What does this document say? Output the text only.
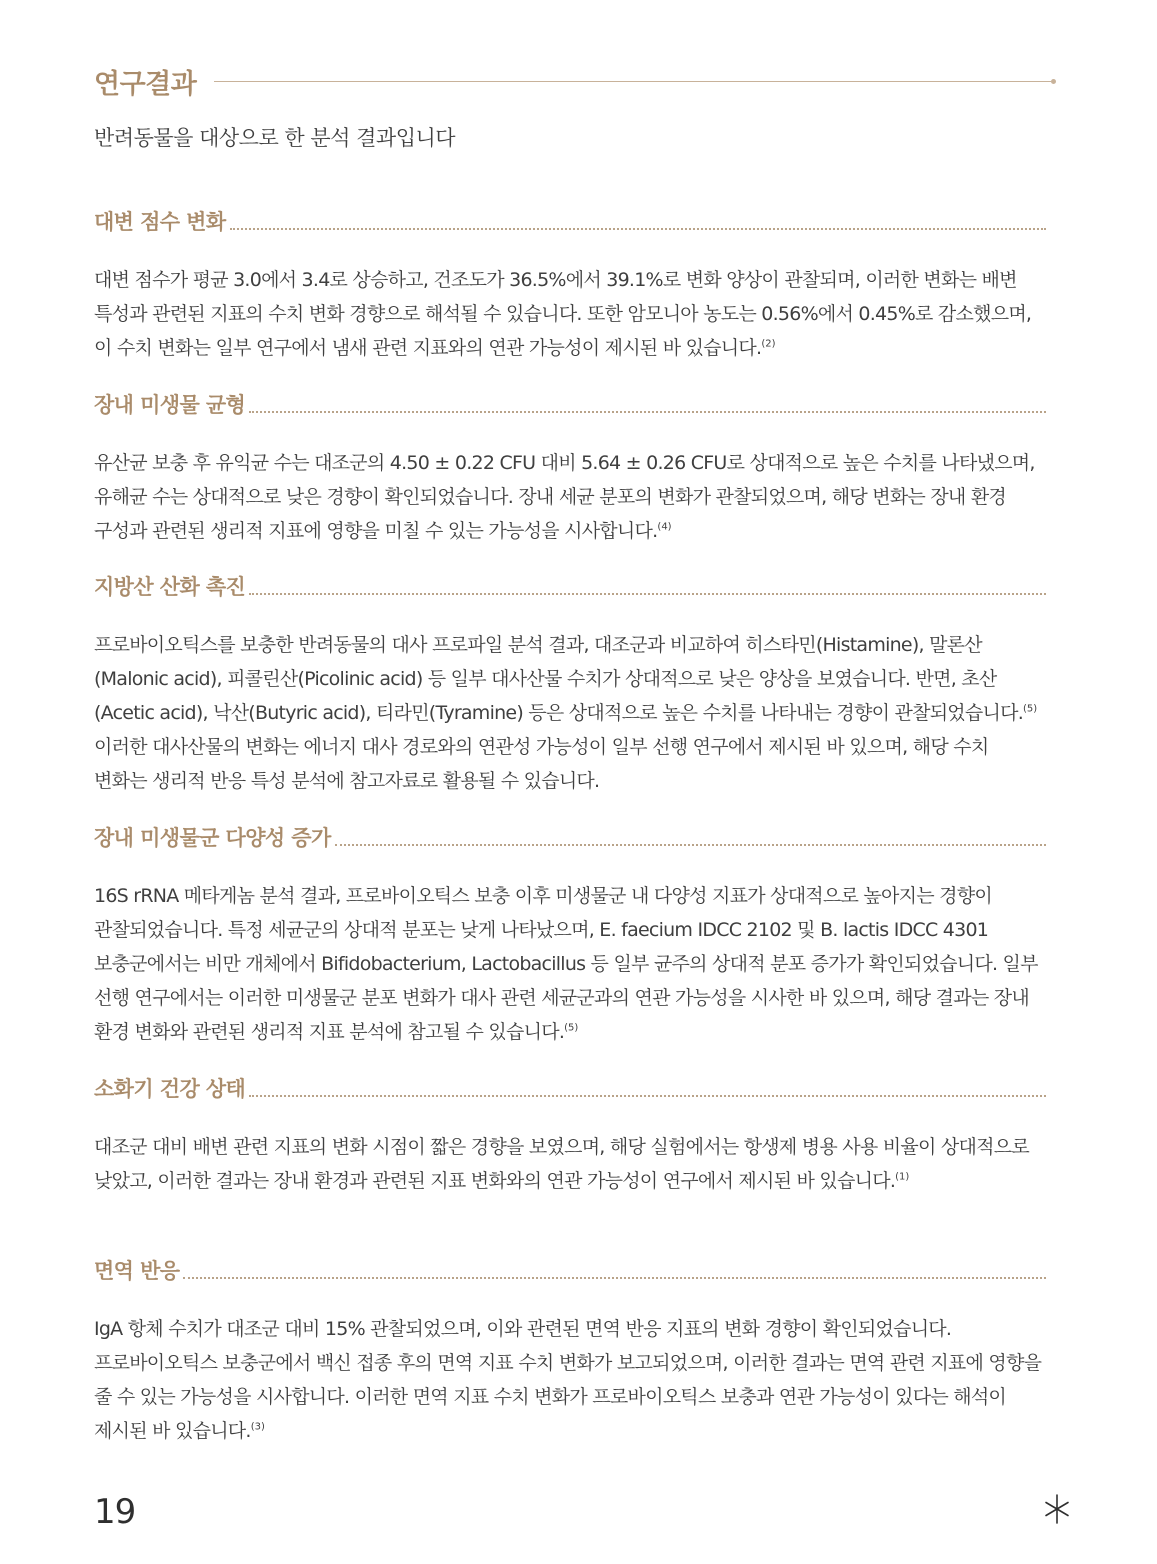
연구결과
반려동물을 대상으로 한 분석 결과입니다
대변 점수 변화

대변 점수가 평균 3.0에서 3.4로 상승하고, 건조도가 36.5%에서 39.1%로 변화 양상이 관찰되며, 이러한 변화는 배변 특성과 관련된 지표의 수치 변화 경향으로 해석될 수 있습니다. 또한 암모니아 농도는 0.56%에서 0.45%로 감소했으며, 이 수치 변화는 일부 연구에서 냄새 관련 지표와의 연관 가능성이 제시된 바 있습니다.$^{(2)}$

장내 미생물 균형

유산균 보충 후 유익균 수는 대조군의 4.50 ± 0.22 CFU 대비 5.64 ± 0.26 CFU로 상대적으로 높은 수치를 나타냈으며, 유해균 수는 상대적으로 낮은 경향이 확인되었습니다. 장내 세균 분포의 변화가 관찰되었으며, 해당 변화는 장내 환경 구성과 관련된 생리적 지표에 영향을 미칠 수 있는 가능성을 시사합니다.$^{(4)}$

지방산 산화 촉진

프로바이오틱스를 보충한 반려동물의 대사 프로파일 분석 결과, 대조군과 비교하여 히스타민(Histamine), 말론산(Malonic acid), 피콜린산(Picolinic acid) 등 일부 대사산물 수치가 상대적으로 낮은 양상을 보였습니다. 반면, 초산(Acetic acid), 낙산(Butyric acid), 티라민(Tyramine) 등은 상대적으로 높은 수치를 나타내는 경향이 관찰되었습니다.$^{(5)}$ 이러한 대사산물의 변화는 에너지 대사 경로와의 연관성 가능성이 일부 선행 연구에서 제시된 바 있으며, 해당 수치 변화는 생리적 반응 특성 분석에 참고자료로 활용될 수 있습니다.

장내 미생물군 다양성 증가

16S rRNA 메타게놈 분석 결과, 프로바이오틱스 보충 이후 미생물군 내 다양성 지표가 상대적으로 높아지는 경향이 관찰되었습니다. 특정 세균군의 상대적 분포는 낮게 나타났으며, E. faecium IDCC 2102 및 B. lactis IDCC 4301 보충군에서는 비만 개체에서 Bifidobacterium, Lactobacillus 등 일부 균주의 상대적 분포 증가가 확인되었습니다. 일부 선행 연구에서는 이러한 미생물군 분포 변화가 대사 관련 세균군과의 연관 가능성을 시사한 바 있으며, 해당 결과는 장내 환경 변화와 관련된 생리적 지표 분석에 참고될 수 있습니다.$^{(5)}$

소화기 건강 상태

대조군 대비 배변 관련 지표의 변화 시점이 짧은 경향을 보였으며, 해당 실험에서는 항생제 병용 사용 비율이 상대적으로 낮았고, 이러한 결과는 장내 환경과 관련된 지표 변화와의 연관 가능성이 연구에서 제시된 바 있습니다.$^{(1)}$

면역 반응

IgA 항체 수치가 대조군 대비 15% 관찰되었으며, 이와 관련된 면역 반응 지표의 변화 경향이 확인되었습니다. 프로바이오틱스 보충군에서 백신 접종 후의 면역 지표 수치 변화가 보고되었으며, 이러한 결과는 면역 관련 지표에 영향을 줄 수 있는 가능성을 시사합니다. 이러한 면역 지표 수치 변화가 프로바이오틱스 보충과 연관 가능성이 있다는 해석이 제시된 바 있습니다.$^{(3)}$

19
